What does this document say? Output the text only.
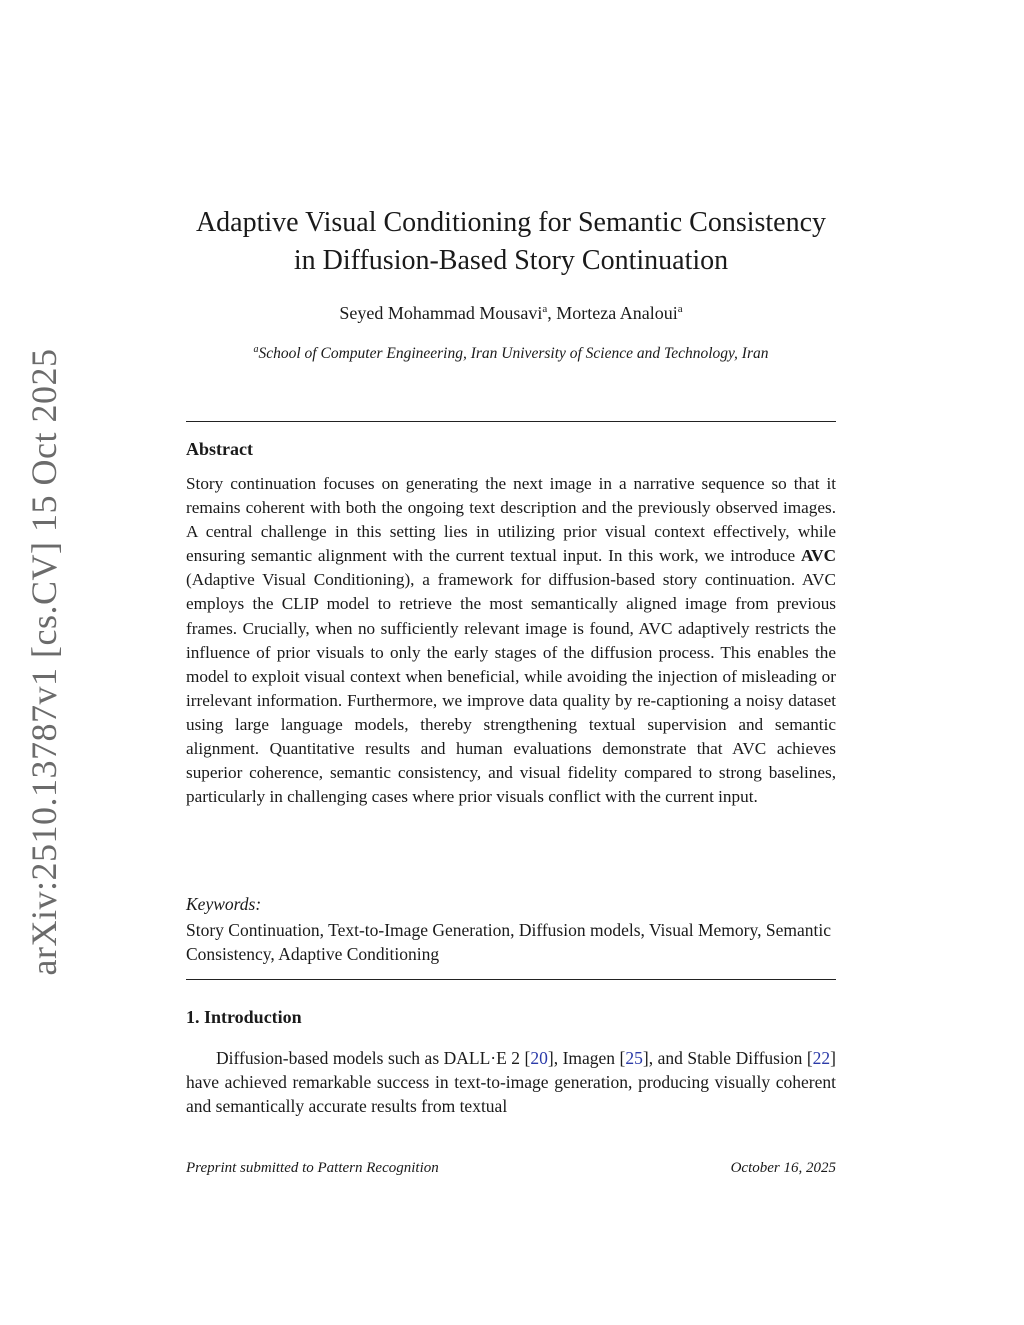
arXiv:2510.13787v1 [cs.CV] 15 Oct 2025
Adaptive Visual Conditioning for Semantic Consistency
in Diffusion-Based Story Continuation
Seyed Mohammad Mousavi$^a$, Morteza Analoui$^a$
$^a$School of Computer Engineering, Iran University of Science and Technology, Iran
Abstract
Story continuation focuses on generating the next image in a narrative sequence so that it remains coherent with both the ongoing text description and the previously observed images. A central challenge in this setting lies in utilizing prior visual context effectively, while ensuring semantic alignment with the current textual input. In this work, we introduce AVC (Adaptive Visual Conditioning), a framework for diffusion-based story continuation. AVC employs the CLIP model to retrieve the most semantically aligned image from previous frames. Crucially, when no sufficiently relevant image is found, AVC adaptively restricts the influence of prior visuals to only the early stages of the diffusion process. This enables the model to exploit visual context when beneficial, while avoiding the injection of misleading or irrelevant information. Furthermore, we improve data quality by re-captioning a noisy dataset using large language models, thereby strengthening textual supervision and semantic alignment. Quantitative results and human evaluations demonstrate that AVC achieves superior coherence, semantic consistency, and visual fidelity compared to strong baselines, particularly in challenging cases where prior visuals conflict with the current input.
Keywords:
Story Continuation, Text-to-Image Generation, Diffusion models, Visual Memory, Semantic Consistency, Adaptive Conditioning
1. Introduction
Diffusion-based models such as DALL·E 2 [20], Imagen [25], and Stable Diffusion [22] have achieved remarkable success in text-to-image generation, producing visually coherent and semantically accurate results from textual
Preprint submitted to Pattern Recognition	October 16, 2025
